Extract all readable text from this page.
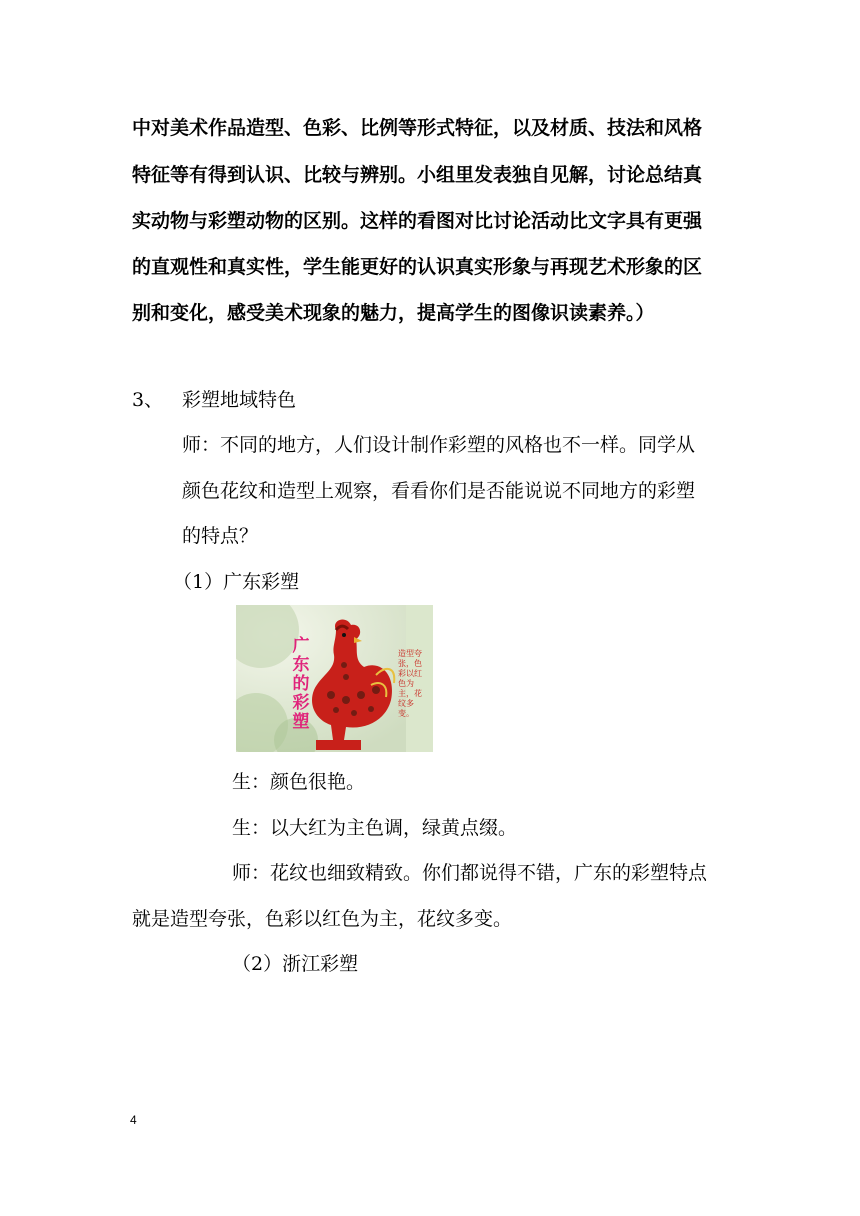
中对美术作品造型、色彩、比例等形式特征，以及材质、技法和风格
特征等有得到认识、比较与辨别。小组里发表独自见解，讨论总结真
实动物与彩塑动物的区别。这样的看图对比讨论活动比文字具有更强
的直观性和真实性，学生能更好的认识真实形象与再现艺术形象的区
别和变化，感受美术现象的魅力，提高学生的图像识读素养。）
3、 彩塑地域特色
师：不同的地方，人们设计制作彩塑的风格也不一样。同学从
颜色花纹和造型上观察，看看你们是否能说说不同地方的彩塑
的特点？
（1）广东彩塑
广东的彩塑
造型夸张，色彩以红色为主，花纹多变。
生：颜色很艳。
生：以大红为主色调，绿黄点缀。
师：花纹也细致精致。你们都说得不错，广东的彩塑特点
就是造型夸张，色彩以红色为主，花纹多变。
（2）浙江彩塑
4
